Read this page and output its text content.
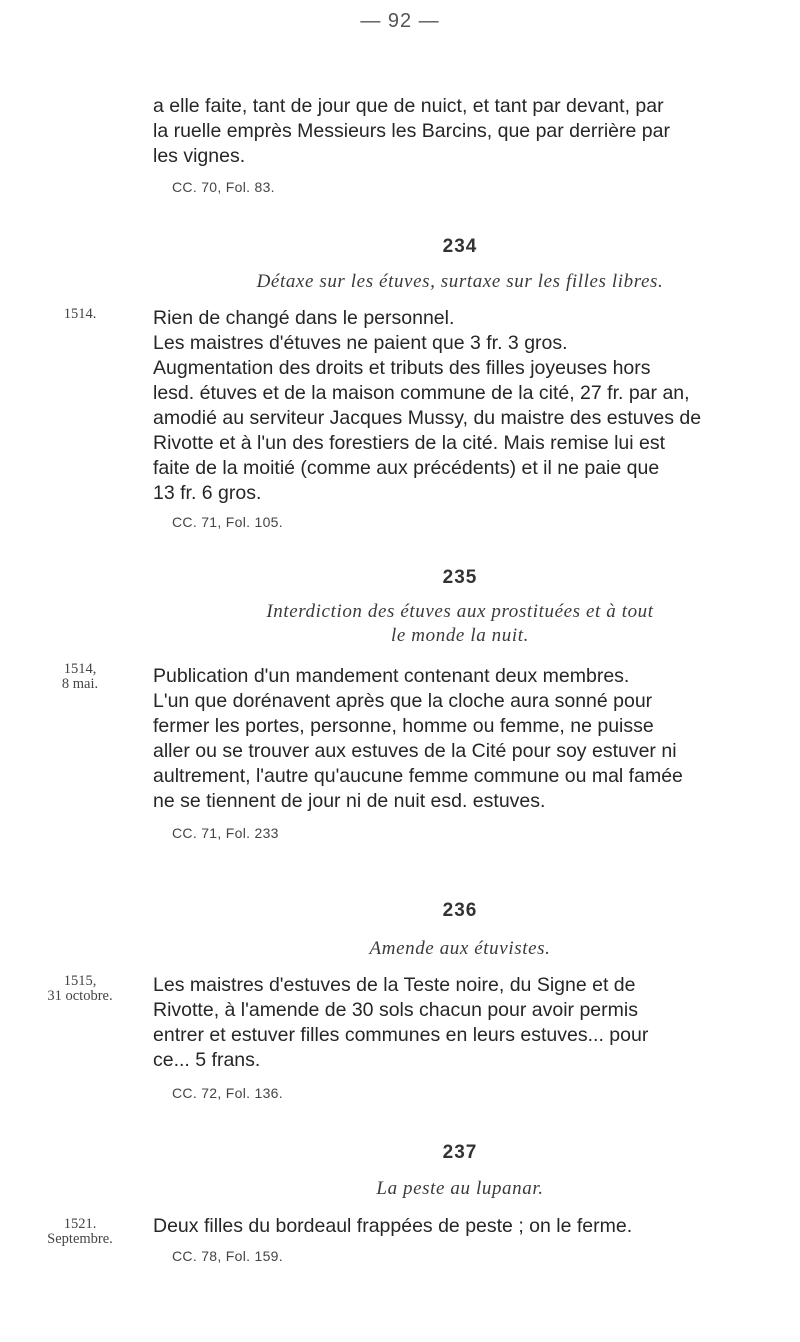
— 92 —

a elle faite, tant de jour que de nuict, et tant par devant, par

la ruelle emprès Messieurs les Barcins, que par derrière par

les vignes.

CC. 70, Fol. 83.
234
Détaxe sur les étuves, surtaxe sur les filles libres.
1514.	Rien de changé dans le personnel.

Les maistres d'étuves ne paient que 3 fr. 3 gros.

Augmentation des droits et tributs des filles joyeuses hors

lesd. étuves et de la maison commune de la cité, 27 fr. par an,

amodié au serviteur Jacques Mussy, du maistre des estuves de

Rivotte et à l'un des forestiers de la cité. Mais remise lui est

faite de la moitié (comme aux précédents) et il ne paie que

13 fr. 6 gros.

CC. 71, Fol. 105.
235
Interdiction des étuves aux prostituées et à tout
le monde la nuit.
1514,
8 mai.	Publication d'un mandement contenant deux membres.

L'un que dorénavent après que la cloche aura sonné pour

fermer les portes, personne, homme ou femme, ne puisse

aller ou se trouver aux estuves de la Cité pour soy estuver ni

aultrement, l'autre qu'aucune femme commune ou mal famée

ne se tiennent de jour ni de nuit esd. estuves.

CC. 71, Fol. 233
236
Amende aux étuvistes.
1515,
31 octobre.	Les maistres d'estuves de la Teste noire, du Signe et de

Rivotte, à l'amende de 30 sols chacun pour avoir permis

entrer et estuver filles communes en leurs estuves... pour

ce... 5 frans.

CC. 72, Fol. 136.
237
La peste au lupanar.
1521.
Septembre.

Deux filles du bordeaul frappées de peste ; on le ferme.

CC. 78, Fol. 159.
